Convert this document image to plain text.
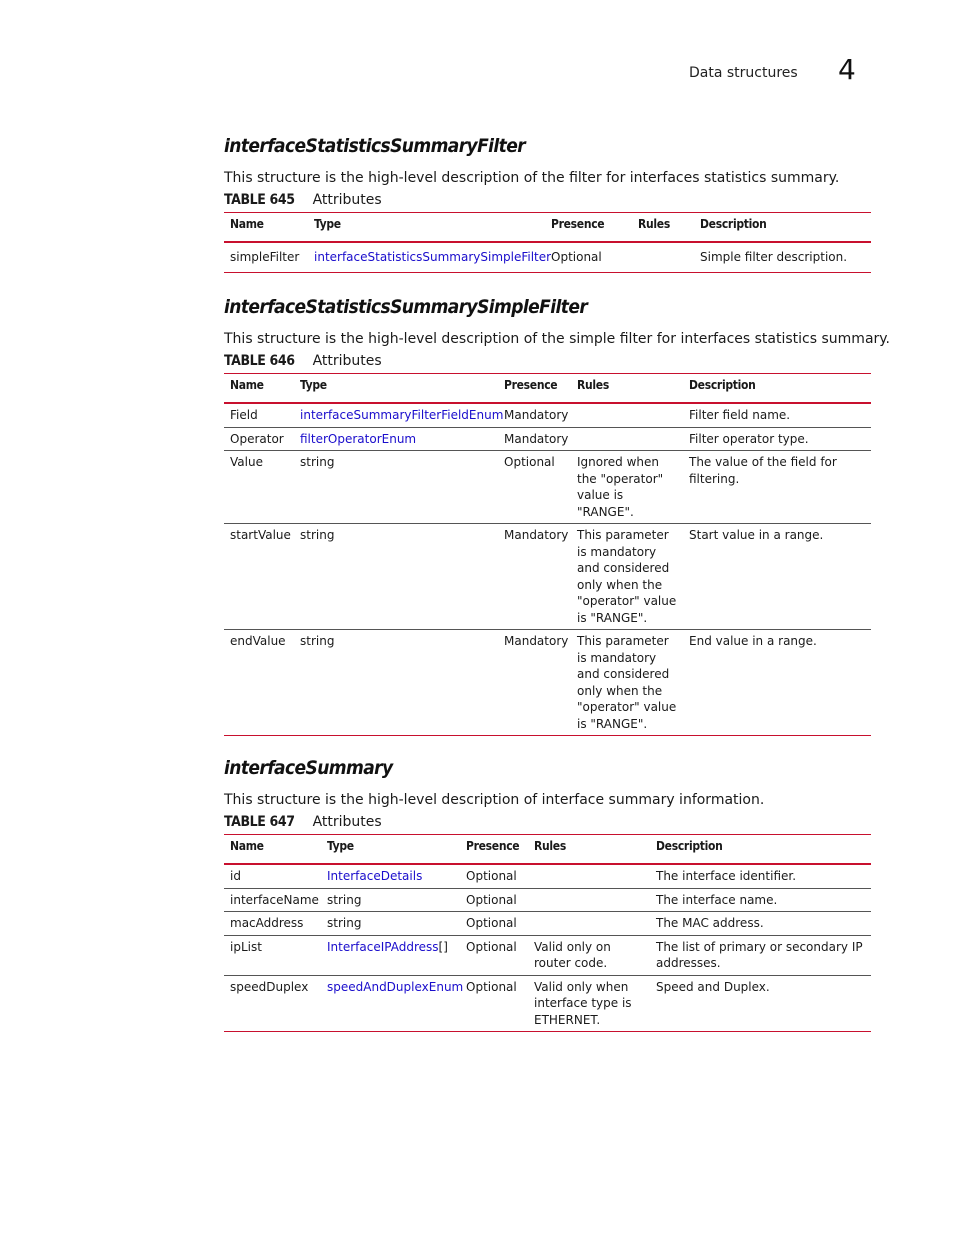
Data structures 4
interfaceStatisticsSummaryFilter

This structure is the high-level description of the filter for interfaces statistics summary.

TABLE 645 Attributes
Name	Type	Presence	Rules	Description
simpleFilter	interfaceStatisticsSummarySimpleFilter	Optional		Simple filter description.
interfaceStatisticsSummarySimpleFilter

This structure is the high-level description of the simple filter for interfaces statistics summary.

TABLE 646 Attributes
Name	Type	Presence	Rules	Description
Field	interfaceSummaryFilterFieldEnum	Mandatory		Filter field name.
Operator	filterOperatorEnum	Mandatory		Filter operator type.
Value	string	Optional	Ignored when the "operator" value is "RANGE".	The value of the field for filtering.
startValue	string	Mandatory	This parameter is mandatory and considered only when the "operator" value is "RANGE".	Start value in a range.
endValue	string	Mandatory	This parameter is mandatory and considered only when the "operator" value is "RANGE".	End value in a range.
interfaceSummary

This structure is the high-level description of interface summary information.

TABLE 647 Attributes
Name	Type	Presence	Rules	Description
id	InterfaceDetails	Optional		The interface identifier.
interfaceName	string	Optional		The interface name.
macAddress	string	Optional		The MAC address.
ipList	InterfaceIPAddress[]	Optional	Valid only on router code.	The list of primary or secondary IP addresses.
speedDuplex	speedAndDuplexEnum	Optional	Valid only when interface type is ETHERNET.	Speed and Duplex.
